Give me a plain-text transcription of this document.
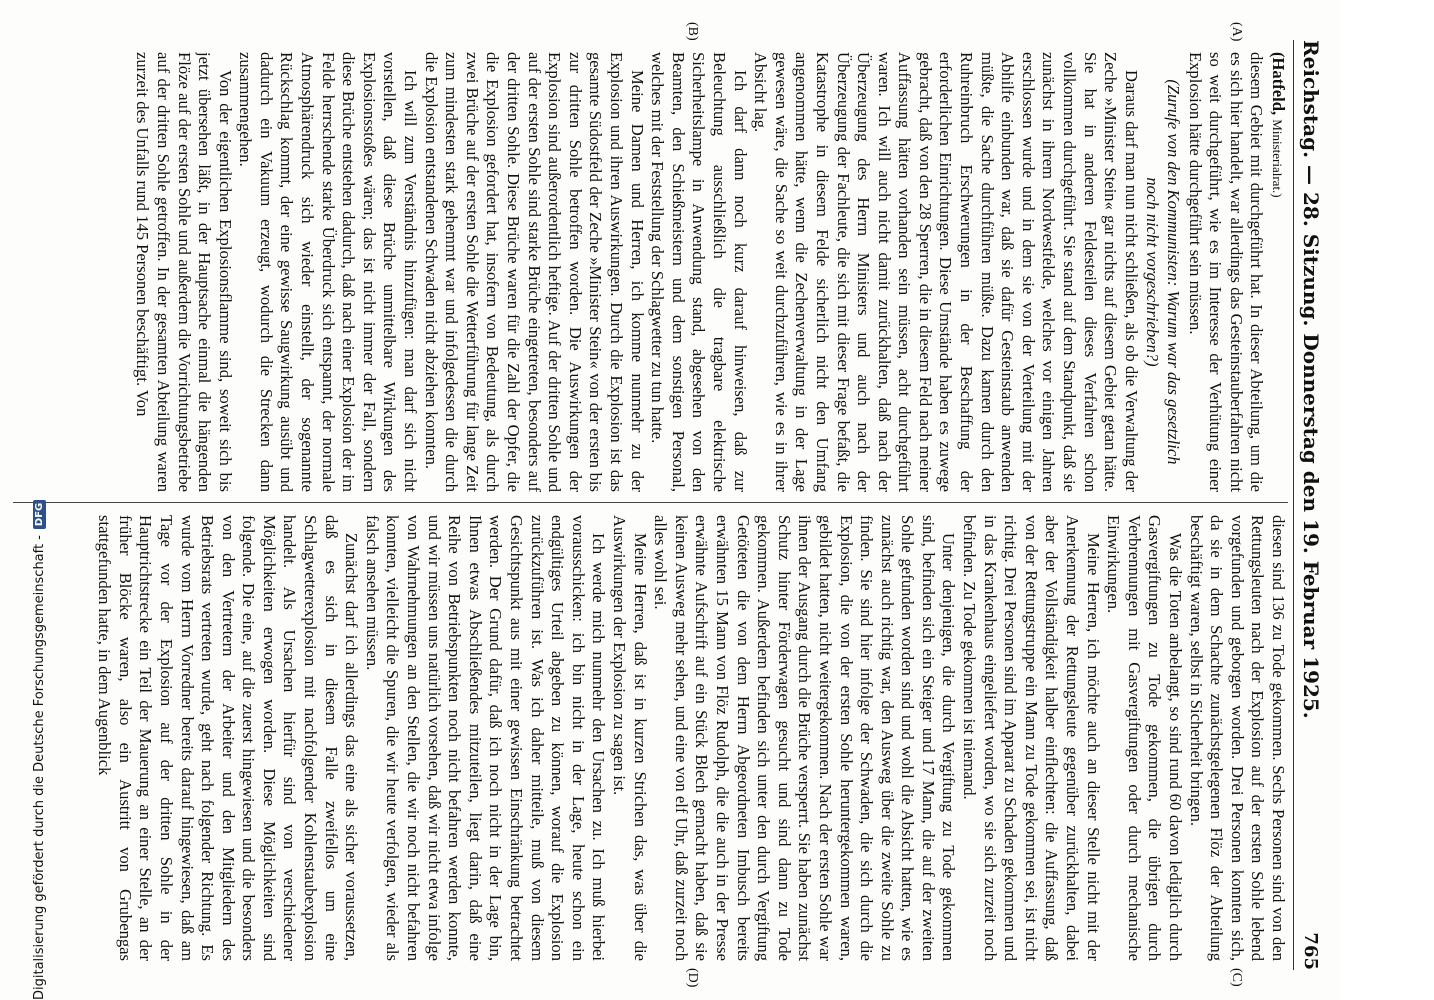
Reichstag. — 28. Sitzung. Donnerstag den 19. Februar 1925.
765
(A)
(B)
(C)
(D)

(Hatfeld, Ministerialrat.)

diesem Gebiet mit durchgeführt hat. In dieser Abteilung, um die es sich hier handelt, war allerdings das Gesteinstauberfahren nicht so weit durchgeführt, wie es im Interesse der Verhütung einer Explosion hätte durchgeführt sein müssen.

(Zurufe von den Kommunisten: Warum war das gesetzlich noch nicht vorgeschrieben?)

Daraus darf man nun nicht schließen, als ob die Verwaltung der Zeche »Minister Stein« gar nichts auf diesem Gebiet getan hätte. Sie hat in anderen Feldesteilen dieses Verfahren schon vollkommen durchgeführt. Sie stand auf dem Standpunkt, daß sie zunächst in ihrem Nordwestfelde, welches vor einigen Jahren erschlossen wurde und in dem sie von der Verteilung mit der Abhilfe einbunden war, daß sie dafür Gesteinstaub anwenden müßte, die Sache durchführen müßte. Dazu kamen durch den Ruhreinbruch Erschwerungen in der Beschaffung der erforderlichen Einrichtungen. Diese Umstände haben es zuwege gebracht, daß von den 28 Sperren, die in diesem Feld nach meiner Auffassung hätten vorhanden sein müssen, acht durchgeführt waren. Ich will auch nicht damit zurückhalten, daß nach der Überzeugung des Herrn Ministers und auch nach der Überzeugung der Fachleute, die sich mit dieser Frage befaßt, die Katastrophe in diesem Felde sicherlich nicht den Umfang angenommen hätte, wenn die Zechenverwaltung in der Lage gewesen wäre, die Sache so weit durchzuführen, wie es in ihrer Absicht lag.

Ich darf dann noch kurz darauf hinweisen, daß zur Beleuchtung ausschließlich die tragbare elektrische Sicherheitslampe in Anwendung stand, abgesehen von den Beamten, den Schießmeistern und dem sonstigen Personal, welches mit der Feststellung der Schlagwetter zu tun hatte.

Meine Damen und Herren, ich komme nunmehr zu der Explosion und ihren Auswirkungen. Durch die Explosion ist das gesamte Südostfeld der Zeche »Minister Stein« von der ersten bis zur dritten Sohle betroffen worden. Die Auswirkungen der Explosion sind außerordentlich heftige. Auf der dritten Sohle und auf der ersten Sohle sind starke Brüche eingetreten, besonders auf der dritten Sohle. Diese Brüche waren für die Zahl der Opfer, die die Explosion gefordert hat, insofern von Bedeutung, als durch zwei Brüche auf der ersten Sohle die Wetterführung für lange Zeit zum mindesten stark gehemmt war und infolgedessen die durch die Explosion entstandenen Schwaden nicht abziehen konnten.

Ich will zum Verständnis hinzufügen: man darf sich nicht vorstellen, daß diese Brüche unmittelbare Wirkungen des Explosionsstoßes wären; das ist nicht immer der Fall, sondern diese Brüche entstehen dadurch, daß nach einer Explosion der im Felde herrschende starke Überdruck sich entspannt, der normale Atmosphärendruck sich wieder einstellt, der sogenannte Rückschlag kommt, der eine gewisse Saugwirkung ausübt und dadurch ein Vakuum erzeugt, wodurch die Strecken dann zusammengehen.

Von der eigentlichen Explosionsflamme sind, soweit sich bis jetzt übersehen läßt, in der Hauptsache einmal die hängenden Flöze auf der ersten Sohle und außerdem die Vorrichtungsbetriebe auf der dritten Sohle getroffen. In der gesamten Abteilung waren zurzeit des Unfalls rund 145 Personen beschäftigt. Von

diesen sind 136 zu Tode gekommen. Sechs Personen sind von den Rettungsleuten nach der Explosion auf der ersten Sohle lebend vorgefunden und geborgen worden. Drei Personen konnten sich, da sie in dem Schachte zunächstgelegenen Flöz der Abteilung beschäftigt waren, selbst in Sicherheit bringen.

Was die Toten anbelangt, so sind rund 60 davon lediglich durch Gasvergiftungen zu Tode gekommen, die übrigen durch Verbrennungen mit Gasvergiftungen oder durch mechanische Einwirkungen.

Meine Herren, ich möchte auch an dieser Stelle nicht mit der Anerkennung der Rettungsleute gegenüber zurückhalten, dabei aber der Vollständigkeit halber einflechten: die Auffassung, daß von der Rettungstruppe ein Mann zu Tode gekommen sei, ist nicht richtig. Drei Personen sind im Apparat zu Schaden gekommen und in das Krankenhaus eingeliefert worden, wo sie sich zurzeit noch befinden. Zu Tode gekommen ist niemand.

Unter denjenigen, die durch Vergiftung zu Tode gekommen sind, befinden sich ein Steiger und 17 Mann, die auf der zweiten Sohle gefunden worden sind und wohl die Absicht hatten, wie es zunächst auch richtig war, den Ausweg über die zweite Sohle zu finden. Sie sind hier infolge der Schwaden, die sich durch die Explosion, die von der ersten Sohle heruntergekommen waren, gebildet hatten, nicht weitergekommen. Nach der ersten Sohle war ihnen der Ausgang durch die Brüche versperrt. Sie haben zunächst Schutz hinter Förderwagen gesucht und sind dann zu Tode gekommen. Außerdem befinden sich unter den durch Vergiftung Getöteten die von dem Herrn Abgeordneten Imbusch bereits erwähnten 15 Mann von Flöz Rudolph, die die auch in der Presse erwähnte Aufschrift auf ein Stück Blech gemacht haben, daß sie keinen Ausweg mehr sehen, und eine von elf Uhr, daß zurzeit noch alles wohl sei.

Meine Herren, daß ist in kurzen Strichen das, was über die Auswirkungen der Explosion zu sagen ist.

Ich werde mich nunmehr den Ursachen zu. Ich muß hierbei vorausschicken: ich bin nicht in der Lage, heute schon ein endgültiges Urteil abgeben zu können, worauf die Explosion zurückzuführen ist. Was ich daher mitteile, muß von diesem Gesichtspunkt aus mit einer gewissen Einschränkung betrachtet werden. Der Grund dafür, daß ich noch nicht in der Lage bin, Ihnen etwas Abschließendes mitzuteilen, liegt darin, daß eine Reihe von Betriebspunkten noch nicht befahren werden konnte, und wir müssen uns natürlich vorsehen, daß wir nicht etwa infolge von Wahrnehmungen an den Stellen, die wir noch nicht befahren konnten, vielleicht die Spuren, die wir heute verfolgen, wieder als falsch ansehen müssen.

Zunächst darf ich allerdings das eine als sicher voraussetzen, daß es sich in diesem Falle zweifellos um eine Schlagwetterexplosion mit nachfolgender Kohlenstaubexplosion handelt. Als Ursachen hierfür sind von verschiedener Möglichkeiten erwogen worden. Diese Möglichkeiten sind folgende. Die eine, auf die zuerst hingewiesen und die besonders von den Vertretern der Arbeiter und den Mitgliedern des Betriebsrats vertreten wurde, geht nach folgender Richtung. Es wurde vom Herrn Vorredner bereits darauf hingewiesen, daß am Tage vor der Explosion auf der dritten Sohle in der Hauptrichtstrecke ein Teil der Mauerung an einer Stelle, an der früher Blöcke waren, also ein Austritt von Grubengas stattgefunden hatte, in dem Augenblick

Digitalisierung gefördert durch die Deutsche Forschungsgemeinschaft -
DFG
